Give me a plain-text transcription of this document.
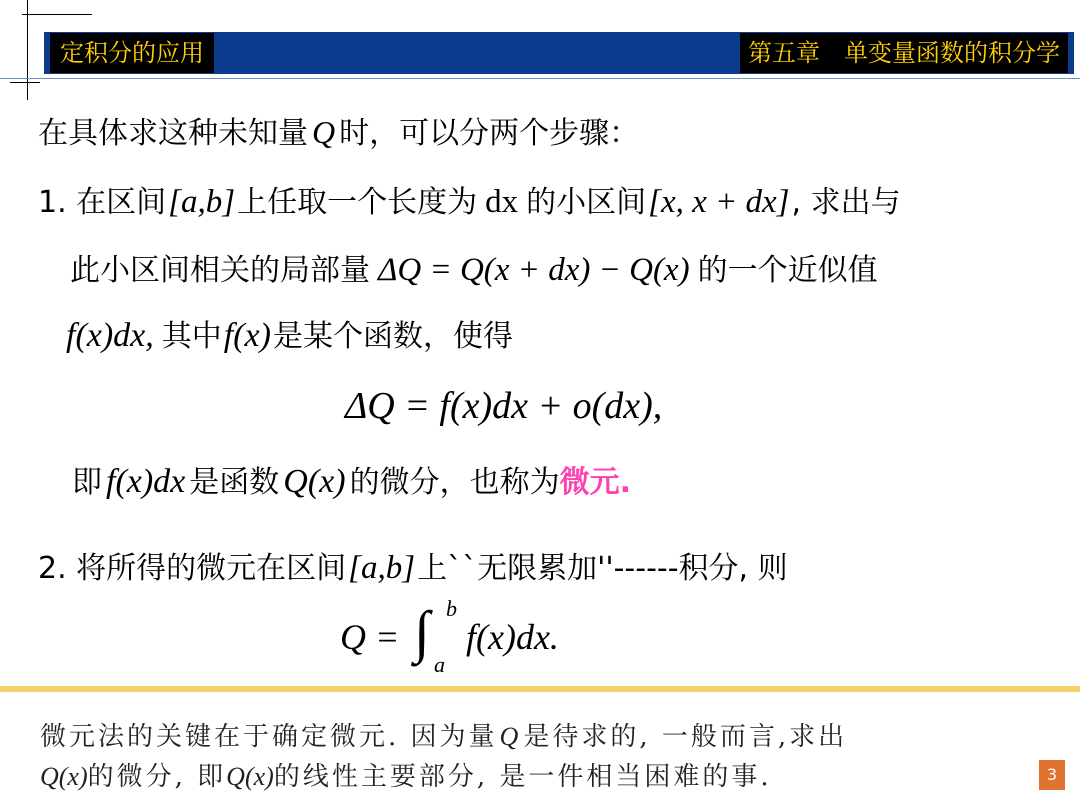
定积分的应用	第五章　单变量函数的积分学
在具体求这种未知量 Q 时，可以分两个步骤：
1. 在区间[a,b]上任取一个长度为 dx 的小区间[x, x + dx], 求出与
此小区间相关的局部量 ΔQ = Q(x + dx) − Q(x) 的一个近似值
f(x)dx, 其中f(x)是某个函数，使得
ΔQ = f(x)dx + o(dx),
即 f(x)dx 是函数 Q(x) 的微分，也称为微元.
2. 将所得的微元在区间[a,b]上``无限累加''------积分, 则
Q = ∫ b
a
f(x)dx.
微元法的关键在于确定微元. 因为量Q是待求的, 一般而言,求出
Q(x)的微分, 即Q(x)的线性主要部分, 是一件相当困难的事.	3
